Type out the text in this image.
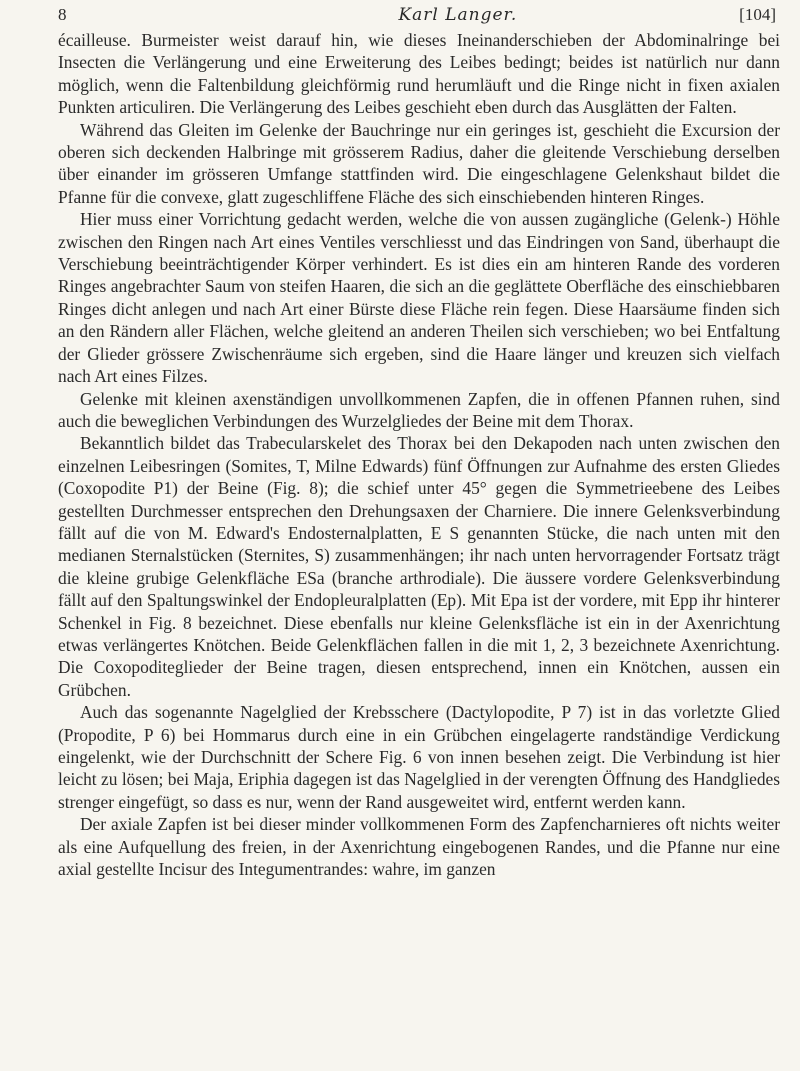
8	Karl Langer.	[104]

écailleuse. Burmeister weist darauf hin, wie dieses Ineinanderschieben der Abdominalringe bei Insecten die Verlängerung und eine Erweiterung des Leibes bedingt; beides ist natürlich nur dann möglich, wenn die Faltenbildung gleichförmig rund herumläuft und die Ringe nicht in fixen axialen Punkten articuliren. Die Verlängerung des Leibes geschieht eben durch das Ausglätten der Falten.

Während das Gleiten im Gelenke der Bauchringe nur ein geringes ist, geschieht die Excursion der oberen sich deckenden Halbringe mit grösserem Radius, daher die gleitende Verschiebung derselben über einander im grösseren Umfange stattfinden wird. Die eingeschlagene Gelenkshaut bildet die Pfanne für die convexe, glatt zugeschliffene Fläche des sich einschiebenden hinteren Ringes.

Hier muss einer Vorrichtung gedacht werden, welche die von aussen zugängliche (Gelenk-) Höhle zwischen den Ringen nach Art eines Ventiles verschliesst und das Eindringen von Sand, überhaupt die Verschiebung beeinträchtigender Körper verhindert. Es ist dies ein am hinteren Rande des vorderen Ringes angebrachter Saum von steifen Haaren, die sich an die geglättete Oberfläche des einschiebbaren Ringes dicht anlegen und nach Art einer Bürste diese Fläche rein fegen. Diese Haarsäume finden sich an den Rändern aller Flächen, welche gleitend an anderen Theilen sich verschieben; wo bei Entfaltung der Glieder grössere Zwischenräume sich ergeben, sind die Haare länger und kreuzen sich vielfach nach Art eines Filzes.

Gelenke mit kleinen axenständigen unvollkommenen Zapfen, die in offenen Pfannen ruhen, sind auch die beweglichen Verbindungen des Wurzelgliedes der Beine mit dem Thorax.

Bekanntlich bildet das Trabecularskelet des Thorax bei den Dekapoden nach unten zwischen den einzelnen Leibesringen (Somites, T, Milne Edwards) fünf Öffnungen zur Aufnahme des ersten Gliedes (Coxopodite P1) der Beine (Fig. 8); die schief unter 45° gegen die Symmetrieebene des Leibes gestellten Durchmesser entsprechen den Drehungsaxen der Charniere. Die innere Gelenksverbindung fällt auf die von M. Edward's Endosternalplatten, E S genannten Stücke, die nach unten mit den medianen Sternalstücken (Sternites, S) zusammenhängen; ihr nach unten hervorragender Fortsatz trägt die kleine grubige Gelenkfläche ESa (branche arthrodiale). Die äussere vordere Gelenksverbindung fällt auf den Spaltungswinkel der Endopleuralplatten (Ep). Mit Epa ist der vordere, mit Epp ihr hinterer Schenkel in Fig. 8 bezeichnet. Diese ebenfalls nur kleine Gelenksfläche ist ein in der Axenrichtung etwas verlängertes Knötchen. Beide Gelenkflächen fallen in die mit 1, 2, 3 bezeichnete Axenrichtung. Die Coxopoditeglieder der Beine tragen, diesen entsprechend, innen ein Knötchen, aussen ein Grübchen.

Auch das sogenannte Nagelglied der Krebsschere (Dactylopodite, P 7) ist in das vorletzte Glied (Propodite, P 6) bei Hommarus durch eine in ein Grübchen eingelagerte randständige Verdickung eingelenkt, wie der Durchschnitt der Schere Fig. 6 von innen besehen zeigt. Die Verbindung ist hier leicht zu lösen; bei Maja, Eriphia dagegen ist das Nagelglied in der verengten Öffnung des Handgliedes strenger eingefügt, so dass es nur, wenn der Rand ausgeweitet wird, entfernt werden kann.

Der axiale Zapfen ist bei dieser minder vollkommenen Form des Zapfencharnieres oft nichts weiter als eine Aufquellung des freien, in der Axenrichtung eingebogenen Randes, und die Pfanne nur eine axial gestellte Incisur des Integumentrandes: wahre, im ganzen
